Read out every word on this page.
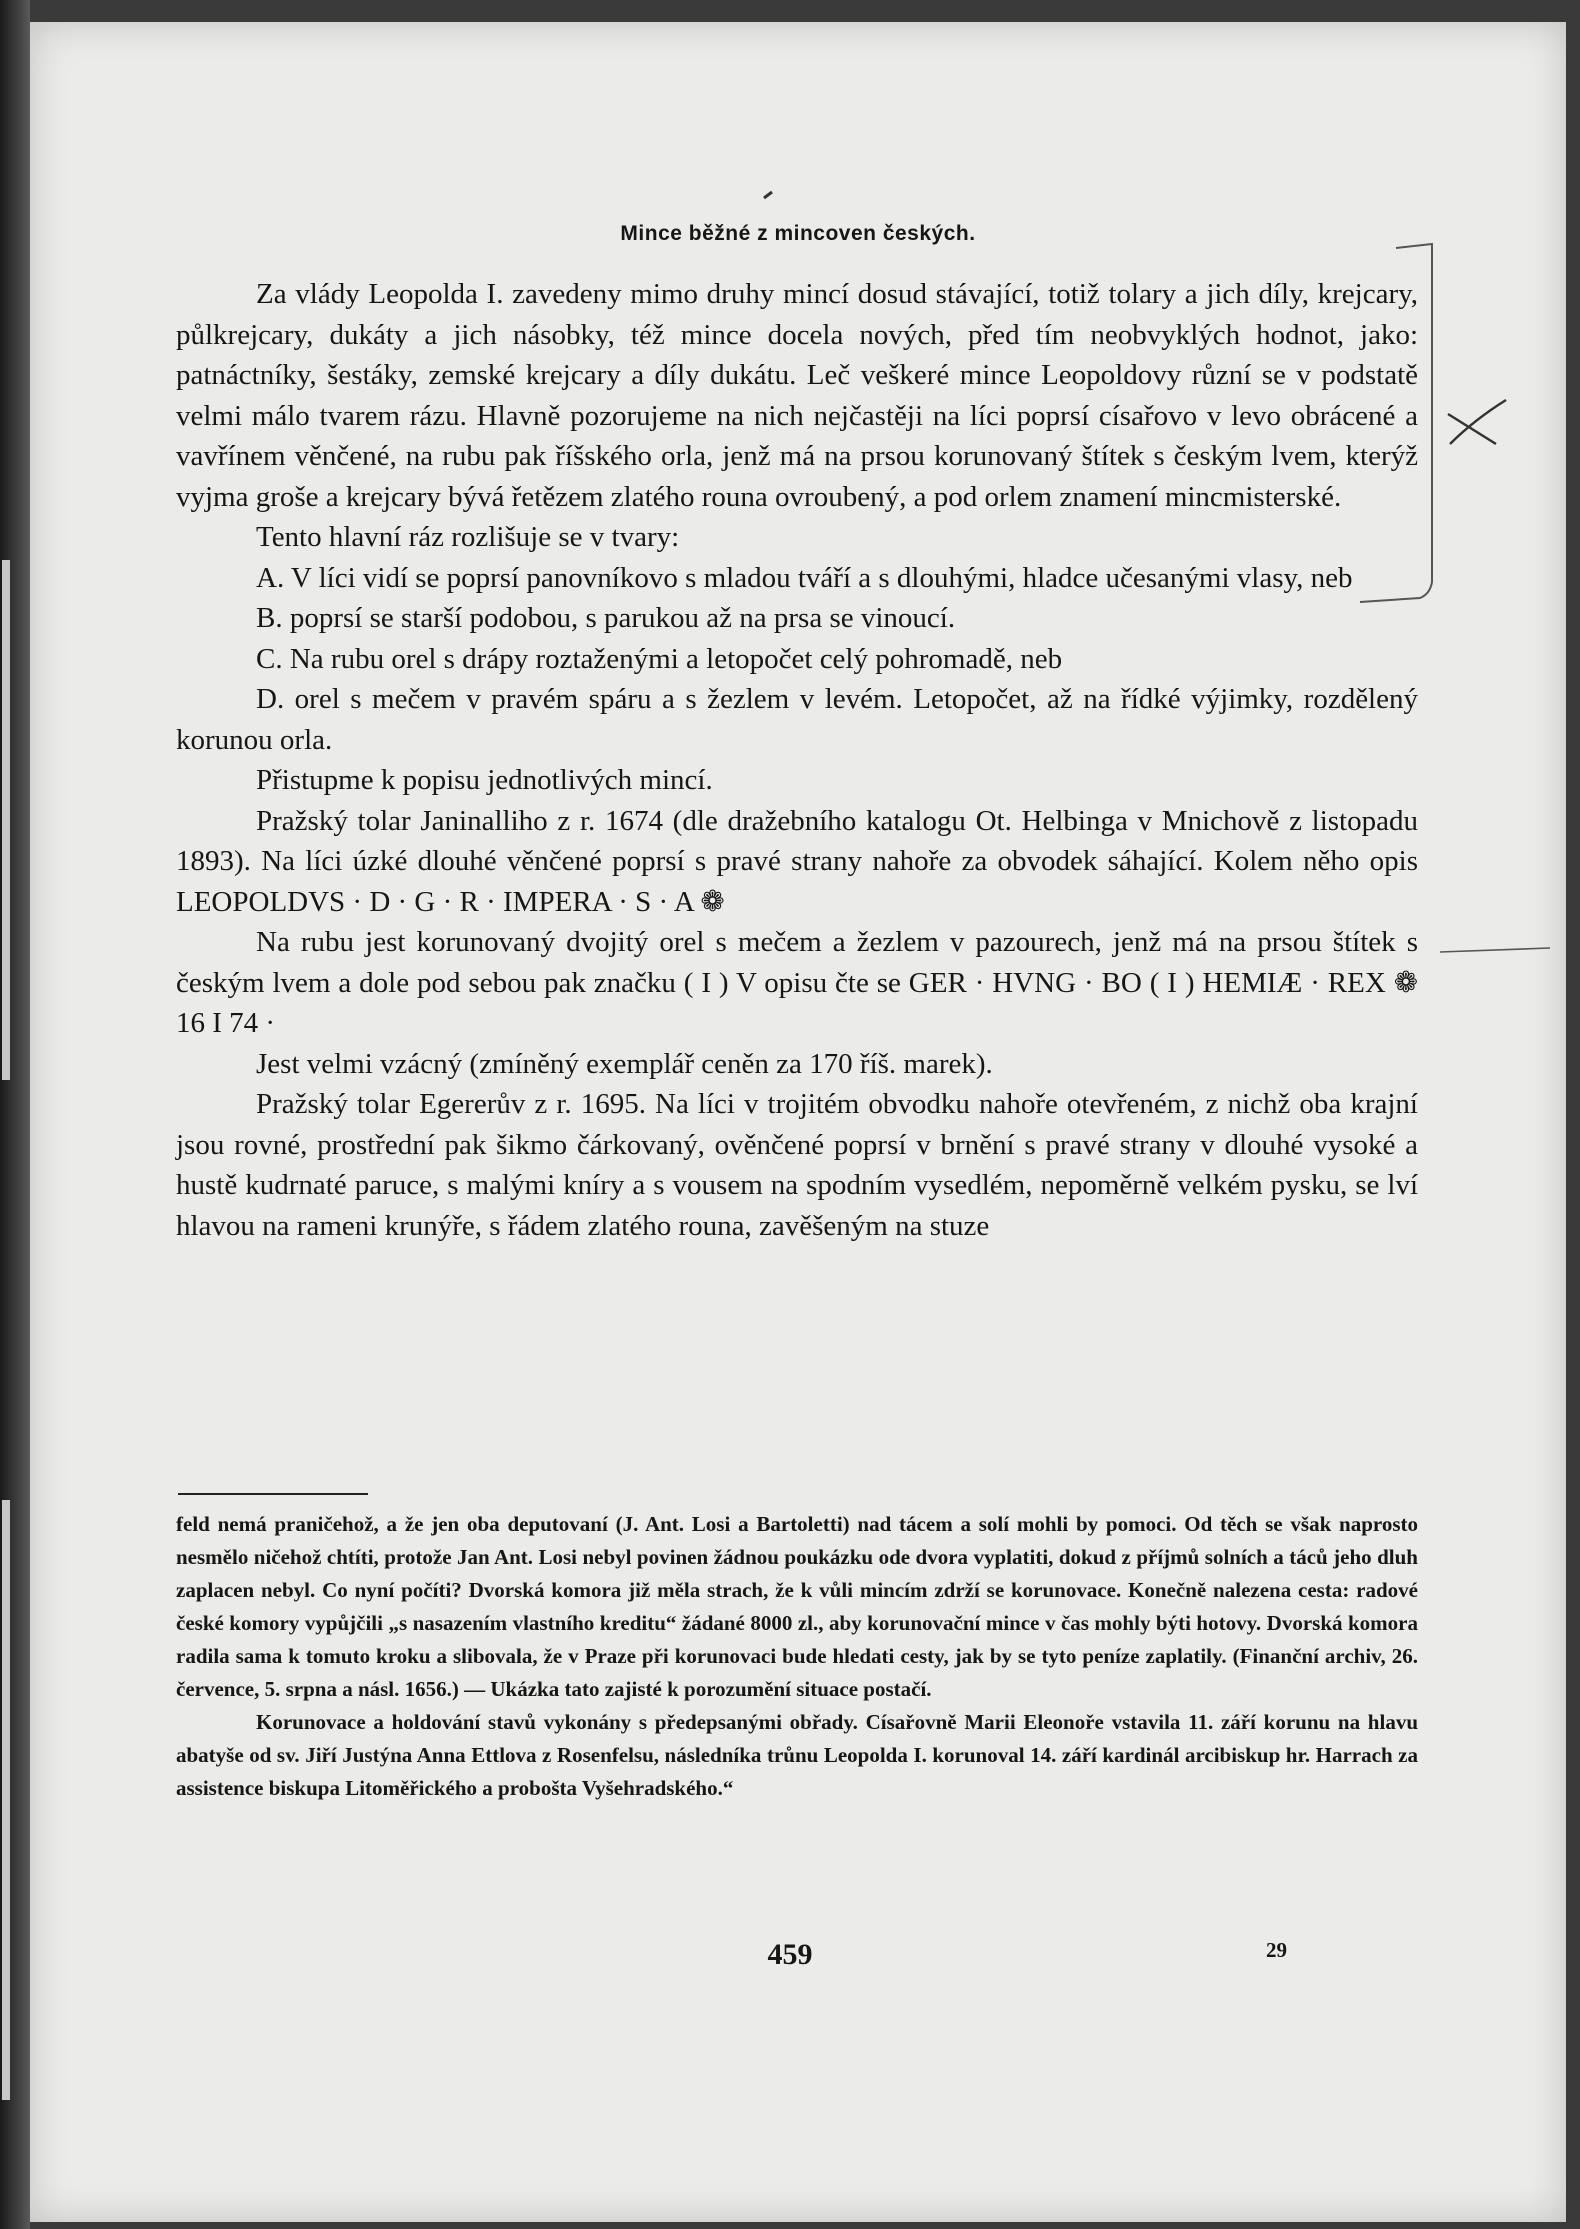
Mince běžné z mincoven českých.

Za vlády Leopolda I. zavedeny mimo druhy mincí dosud stávající, totiž tolary a jich díly, krejcary, půlkrejcary, dukáty a jich násobky, též mince docela nových, před tím neobvyklých hodnot, jako: patnáctníky, šestáky, zemské krejcary a díly dukátu. Leč veškeré mince Leopoldovy různí se v podstatě velmi málo tvarem rázu. Hlavně pozorujeme na nich nejčastěji na líci poprsí císařovo v levo obrácené a vavřínem věnčené, na rubu pak říšského orla, jenž má na prsou korunovaný štítek s českým lvem, kterýž vyjma groše a krejcary bývá řetězem zlatého rouna ovroubený, a pod orlem znamení mincmisterské.

Tento hlavní ráz rozlišuje se v tvary:

A. V líci vidí se poprsí panovníkovo s mladou tváří a s dlouhými, hladce učesanými vlasy, neb

B. poprsí se starší podobou, s parukou až na prsa se vinoucí.

C. Na rubu orel s drápy roztaženými a letopočet celý pohromadě, neb

D. orel s mečem v pravém spáru a s žezlem v levém. Letopočet, až na řídké výjimky, rozdělený korunou orla.

Přistupme k popisu jednotlivých mincí.

Pražský tolar Janinalliho z r. 1674 (dle dražebního katalogu Ot. Helbinga v Mnichově z listopadu 1893). Na líci úzké dlouhé věnčené poprsí s pravé strany nahoře za obvodek sáhající. Kolem něho opis LEOPOLDVS · D · G · R · IMPERA · S · A ❁

Na rubu jest korunovaný dvojitý orel s mečem a žezlem v pazourech, jenž má na prsou štítek s českým lvem a dole pod sebou pak značku ( I ) V opisu čte se GER · HVNG · BO ( I ) HEMIÆ · REX ❁ 16 I 74 ·

Jest velmi vzácný (zmíněný exemplář ceněn za 170 říš. marek).

Pražský tolar Egererův z r. 1695. Na líci v trojitém obvodku nahoře otevřeném, z nichž oba krajní jsou rovné, prostřední pak šikmo čárkovaný, ověnčené poprsí v brnění s pravé strany v dlouhé vysoké a hustě kudrnaté paruce, s malými kníry a s vousem na spodním vysedlém, nepoměrně velkém pysku, se lví hlavou na rameni krunýře, s řádem zlatého rouna, zavěšeným na stuze

feld nemá praničehož, a že jen oba deputovaní (J. Ant. Losi a Bartoletti) nad tácem a solí mohli by pomoci. Od těch se však naprosto nesmělo ničehož chtíti, protože Jan Ant. Losi nebyl povinen žádnou poukázku ode dvora vyplatiti, dokud z příjmů solních a táců jeho dluh zaplacen nebyl. Co nyní počíti? Dvorská komora již měla strach, že k vůli mincím zdrží se korunovace. Konečně nalezena cesta: radové české komory vypůjčili „s nasazením vlastního kreditu“ žádané 8000 zl., aby korunovační mince v čas mohly býti hotovy. Dvorská komora radila sama k tomuto kroku a slibovala, že v Praze při korunovaci bude hledati cesty, jak by se tyto peníze zaplatily. (Finanční archiv, 26. července, 5. srpna a násl. 1656.) — Ukázka tato zajisté k porozumění situace postačí.

Korunovace a holdování stavů vykonány s předepsanými obřady. Císařovně Marii Eleonoře vstavila 11. září korunu na hlavu abatyše od sv. Jiří Justýna Anna Ettlova z Rosenfelsu, následníka trůnu Leopolda I. korunoval 14. září kardinál arcibiskup hr. Harrach za assistence biskupa Litoměřického a probošta Vyšehradského.“

459	29
